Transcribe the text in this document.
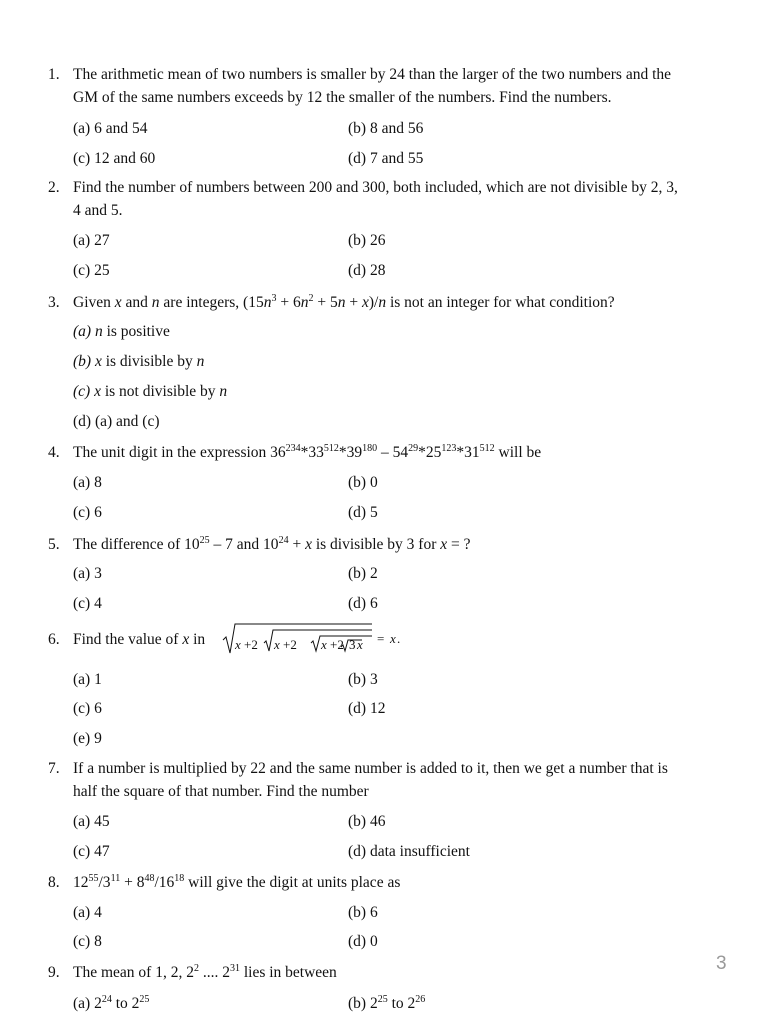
1. The arithmetic mean of two numbers is smaller by 24 than the larger of the two numbers and the
GM of the same numbers exceeds by 12 the smaller of the numbers. Find the numbers.
(a) 6 and 54	(b) 8 and 56
(c) 12 and 60	(d) 7 and 55
2. Find the number of numbers between 200 and 300, both included, which are not divisible by 2, 3,
4 and 5.
(a) 27	(b) 26
(c) 25	(d) 28
3. Given x and n are integers, $(15n^3 + 6n^2 + 5n + x)/n$ is not an integer for what condition?
(a) n is positive
(b) x is divisible by n
(c) x is not divisible by n
(d) (a) and (c)
4. The unit digit in the expression $36^{234}*33^{512}*39^{180} - 54^{29}*25^{123}*31^{512}$ will be
(a) 8	(b) 0
(c) 6	(d) 5
5. The difference of $10^{25} - 7$ and $10^{24} + x$ is divisible by 3 for x = ?
(a) 3	(b) 2
(c) 4	(d) 6
6. Find the value of x in	x +2 x +2 x +2 3 x = x .
(a) 1	(b) 3
(c) 6	(d) 12
(e) 9
7. If a number is multiplied by 22 and the same number is added to it, then we get a number that is
half the square of that number. Find the number
(a) 45	(b) 46
(c) 47	(d) data insufficient
8. $12^{55}/3^{11} + 8^{48}/16^{18}$ will give the digit at units place as
(a) 4	(b) 6
(c) 8	(d) 0
9. The mean of 1, 2, $2^2$ .... $2^{31}$ lies in between
(a) $2^{24}$ to $2^{25}$	(b) $2^{25}$ to $2^{26}$
3
